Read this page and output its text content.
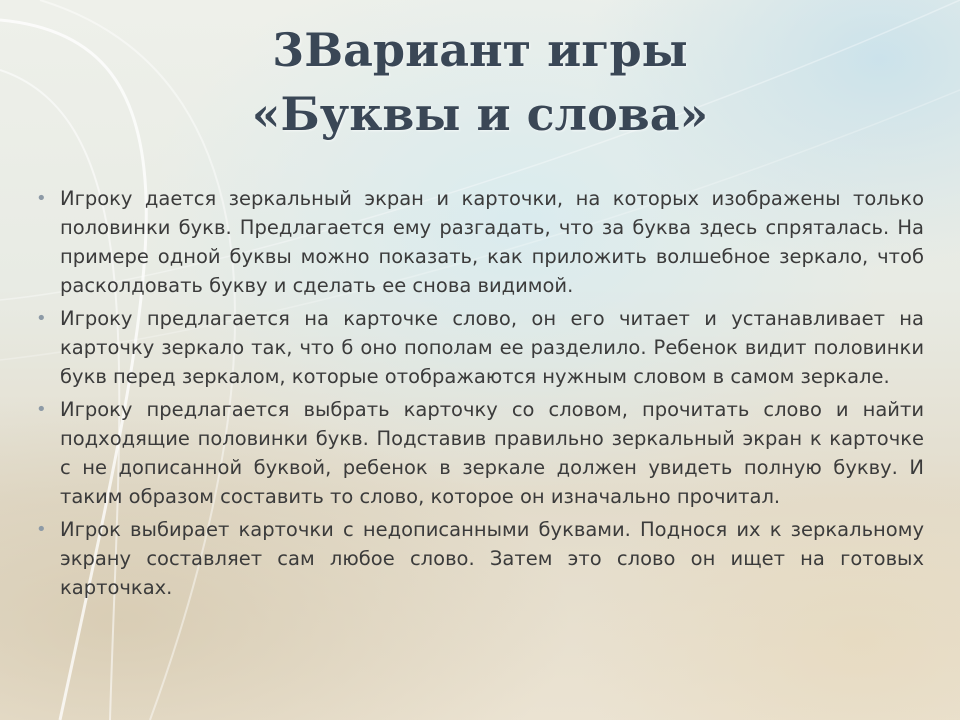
3Вариант игры
«Буквы и слова»
• Игроку дается зеркальный экран и карточки, на которых изображены только половинки букв. Предлагается ему разгадать, что за буква здесь спряталась. На примере одной буквы можно показать, как приложить волшебное зеркало, чтоб расколдовать букву и сделать ее снова видимой.
• Игроку предлагается на карточке слово, он его читает и устанавливает на карточку зеркало так, что б оно пополам ее разделило. Ребенок видит половинки букв перед зеркалом, которые отображаются нужным словом в самом зеркале.
• Игроку предлагается выбрать карточку со словом, прочитать слово и найти подходящие половинки букв. Подставив правильно зеркальный экран к карточке с не дописанной буквой, ребенок в зеркале должен увидеть полную букву. И таким образом составить то слово, которое он изначально прочитал.
• Игрок выбирает карточки с недописанными буквами. Поднося их к зеркальному экрану составляет сам любое слово. Затем это слово он ищет на готовых карточках.
